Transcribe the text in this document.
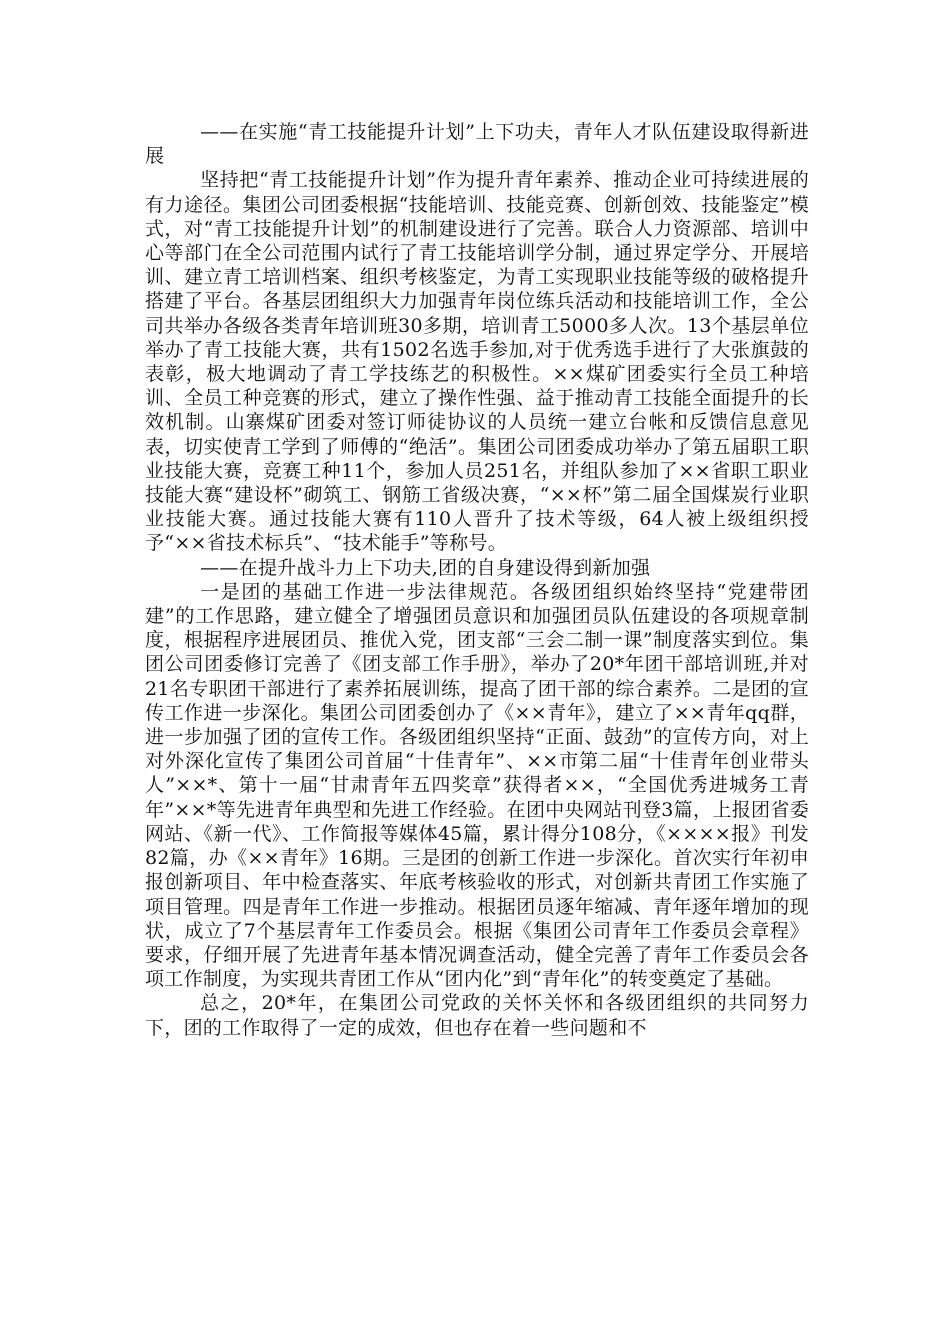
——在实施“青工技能提升计划”上下功夫，青年人才队伍建设取得新进展

坚持把“青工技能提升计划”作为提升青年素养、推动企业可持续进展的有力途径。集团公司团委根据“技能培训、技能竞赛、创新创效、技能鉴定”模式，对“青工技能提升计划”的机制建设进行了完善。联合人力资源部、培训中心等部门在全公司范围内试行了青工技能培训学分制，通过界定学分、开展培训、建立青工培训档案、组织考核鉴定，为青工实现职业技能等级的破格提升搭建了平台。各基层团组织大力加强青年岗位练兵活动和技能培训工作，全公司共举办各级各类青年培训班30多期，培训青工5000多人次。13个基层单位举办了青工技能大赛，共有1502名选手参加,对于优秀选手进行了大张旗鼓的表彰，极大地调动了青工学技练艺的积极性。××煤矿团委实行全员工种培训、全员工种竞赛的形式，建立了操作性强、益于推动青工技能全面提升的长效机制。山寨煤矿团委对签订师徒协议的人员统一建立台帐和反馈信息意见表，切实使青工学到了师傅的“绝活”。集团公司团委成功举办了第五届职工职业技能大赛，竞赛工种11个，参加人员251名，并组队参加了××省职工职业技能大赛“建设杯”砌筑工、钢筋工省级决赛，“××杯”第二届全国煤炭行业职业技能大赛。通过技能大赛有110人晋升了技术等级，64人被上级组织授予“××省技术标兵”、“技术能手”等称号。

——在提升战斗力上下功夫,团的自身建设得到新加强

一是团的基础工作进一步法律规范。各级团组织始终坚持“党建带团建”的工作思路，建立健全了增强团员意识和加强团员队伍建设的各项规章制度，根据程序进展团员、推优入党，团支部“三会二制一课”制度落实到位。集团公司团委修订完善了《团支部工作手册》，举办了20*年团干部培训班,并对21名专职团干部进行了素养拓展训练，提高了团干部的综合素养。二是团的宣传工作进一步深化。集团公司团委创办了《××青年》，建立了××青年qq群，进一步加强了团的宣传工作。各级团组织坚持“正面、鼓劲”的宣传方向，对上对外深化宣传了集团公司首届“十佳青年”、××市第二届“十佳青年创业带头人”××*、第十一届“甘肃青年五四奖章”获得者××，“全国优秀进城务工青年”××*等先进青年典型和先进工作经验。在团中央网站刊登3篇，上报团省委网站、《新一代》、工作简报等媒体45篇，累计得分108分，《××××报》刊发82篇，办《××青年》16期。三是团的创新工作进一步深化。首次实行年初申报创新项目、年中检查落实、年底考核验收的形式，对创新共青团工作实施了项目管理。四是青年工作进一步推动。根据团员逐年缩减、青年逐年增加的现状，成立了7个基层青年工作委员会。根据《集团公司青年工作委员会章程》要求，仔细开展了先进青年基本情况调查活动，健全完善了青年工作委员会各项工作制度，为实现共青团工作从“团内化”到“青年化”的转变奠定了基础。

总之，20*年，在集团公司党政的关怀关怀和各级团组织的共同努力下，团的工作取得了一定的成效，但也存在着一些问题和不
